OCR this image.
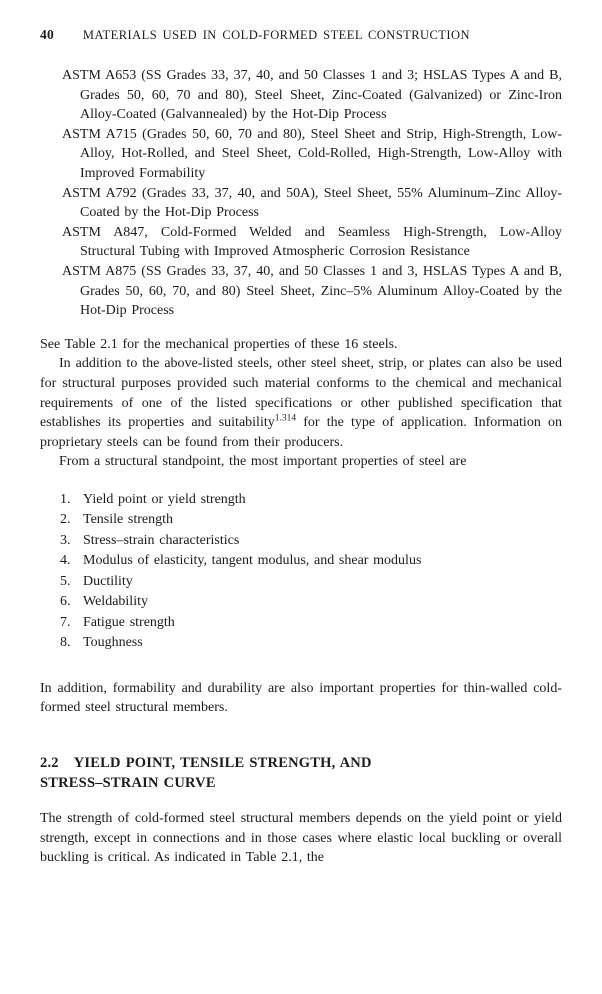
40 MATERIALS USED IN COLD-FORMED STEEL CONSTRUCTION

ASTM A653 (SS Grades 33, 37, 40, and 50 Classes 1 and 3; HSLAS Types A and B, Grades 50, 60, 70 and 80), Steel Sheet, Zinc-Coated (Galvanized) or Zinc-Iron Alloy-Coated (Galvannealed) by the Hot-Dip Process

ASTM A715 (Grades 50, 60, 70 and 80), Steel Sheet and Strip, High-Strength, Low-Alloy, Hot-Rolled, and Steel Sheet, Cold-Rolled, High-Strength, Low-Alloy with Improved Formability

ASTM A792 (Grades 33, 37, 40, and 50A), Steel Sheet, 55% Aluminum–Zinc Alloy-Coated by the Hot-Dip Process

ASTM A847, Cold-Formed Welded and Seamless High-Strength, Low-Alloy Structural Tubing with Improved Atmospheric Corrosion Resistance

ASTM A875 (SS Grades 33, 37, 40, and 50 Classes 1 and 3, HSLAS Types A and B, Grades 50, 60, 70, and 80) Steel Sheet, Zinc–5% Aluminum Alloy-Coated by the Hot-Dip Process

See Table 2.1 for the mechanical properties of these 16 steels.

In addition to the above-listed steels, other steel sheet, strip, or plates can also be used for structural purposes provided such material conforms to the chemical and mechanical requirements of one of the listed specifications or other published specification that establishes its properties and suitability$^{1.314}$ for the type of application. Information on proprietary steels can be found from their producers.

From a structural standpoint, the most important properties of steel are

1. Yield point or yield strength
2. Tensile strength
3. Stress–strain characteristics
4. Modulus of elasticity, tangent modulus, and shear modulus
5. Ductility
6. Weldability
7. Fatigue strength
8. Toughness

In addition, formability and durability are also important properties for thin-walled cold-formed steel structural members.

2.2 YIELD POINT, TENSILE STRENGTH, AND
STRESS–STRAIN CURVE

The strength of cold-formed steel structural members depends on the yield point or yield strength, except in connections and in those cases where elastic local buckling or overall buckling is critical. As indicated in Table 2.1, the
